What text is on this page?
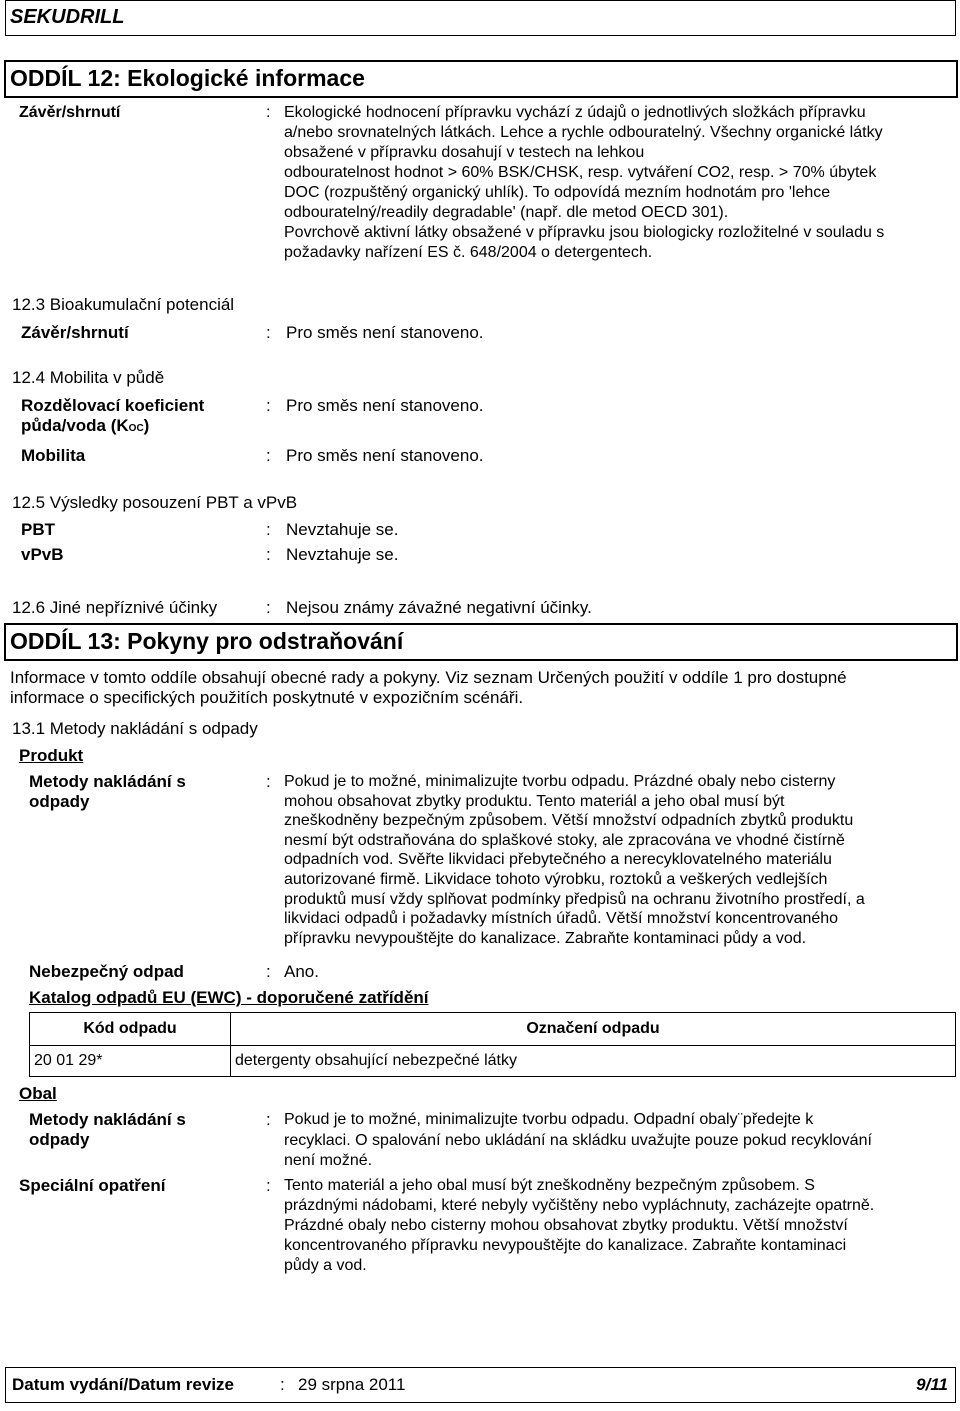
SEKUDRILL
ODDÍL 12: Ekologické informace
Závěr/shrnutí	: Ekologické hodnocení přípravku vychází z údajů o jednotlivých složkách přípravku
a/nebo srovnatelných látkách. Lehce a rychle odbouratelný. Všechny organické látky
obsažené v přípravku dosahují v testech na lehkou
odbouratelnost hodnot > 60% BSK/CHSK, resp. vytváření CO2, resp. > 70% úbytek
DOC (rozpuštěný organický uhlík). To odpovídá mezním hodnotám pro 'lehce
odbouratelný/readily degradable' (např. dle metod OECD 301).
Povrchově aktivní látky obsažené v přípravku jsou biologicky rozložitelné v souladu s
požadavky nařízení ES č. 648/2004 o detergentech.
12.3 Bioakumulační potenciál
Závěr/shrnutí	: Pro směs není stanoveno.
12.4 Mobilita v půdě
Rozdělovací koeficient
půda/voda (KOC)
: Pro směs není stanoveno.
Mobilita	: Pro směs není stanoveno.
12.5 Výsledky posouzení PBT a vPvB
PBT	: Nevztahuje se.
vPvB	: Nevztahuje se.
12.6 Jiné nepříznivé účinky	: Nejsou známy závažné negativní účinky.
ODDÍL 13: Pokyny pro odstraňování
Informace v tomto oddíle obsahují obecné rady a pokyny. Viz seznam Určených použití v oddíle 1 pro dostupné
informace o specifických použitích poskytnuté v expozičním scénáři.
13.1 Metody nakládání s odpady
Produkt
Metody nakládání s
odpady
: Pokud je to možné, minimalizujte tvorbu odpadu. Prázdné obaly nebo cisterny
mohou obsahovat zbytky produktu. Tento materiál a jeho obal musí být
zneškodněny bezpečným způsobem. Větší množství odpadních zbytků produktu
nesmí být odstraňována do splaškové stoky, ale zpracována ve vhodné čistírně
odpadních vod. Svěřte likvidaci přebytečného a nerecyklovatelného materiálu
autorizované firmě. Likvidace tohoto výrobku, roztoků a veškerých vedlejších
produktů musí vždy splňovat podmínky předpisů na ochranu životního prostředí, a
likvidaci odpadů i požadavky místních úřadů. Větší množství koncentrovaného
přípravku nevypouštějte do kanalizace. Zabraňte kontaminaci půdy a vod.
Nebezpečný odpad	: Ano.
Katalog odpadů EU (EWC) - doporučené zatřídění
Kód odpadu	Označení odpadu
20 01 29*	detergenty obsahující nebezpečné látky
Obal
Metody nakládání s
odpady
: Pokud je to možné, minimalizujte tvorbu odpadu. Odpadní obaly¨předejte k
recyklaci. O spalování nebo ukládání na skládku uvažujte pouze pokud recyklování
není možné.
Speciální opatření	: Tento materiál a jeho obal musí být zneškodněny bezpečným způsobem. S
prázdnými nádobami, které nebyly vyčištěny nebo vypláchnuty, zacházejte opatrně.
Prázdné obaly nebo cisterny mohou obsahovat zbytky produktu. Větší množství
koncentrovaného přípravku nevypouštějte do kanalizace. Zabraňte kontaminaci
půdy a vod.
Datum vydání/Datum revize	: 29 srpna 2011	9/11
